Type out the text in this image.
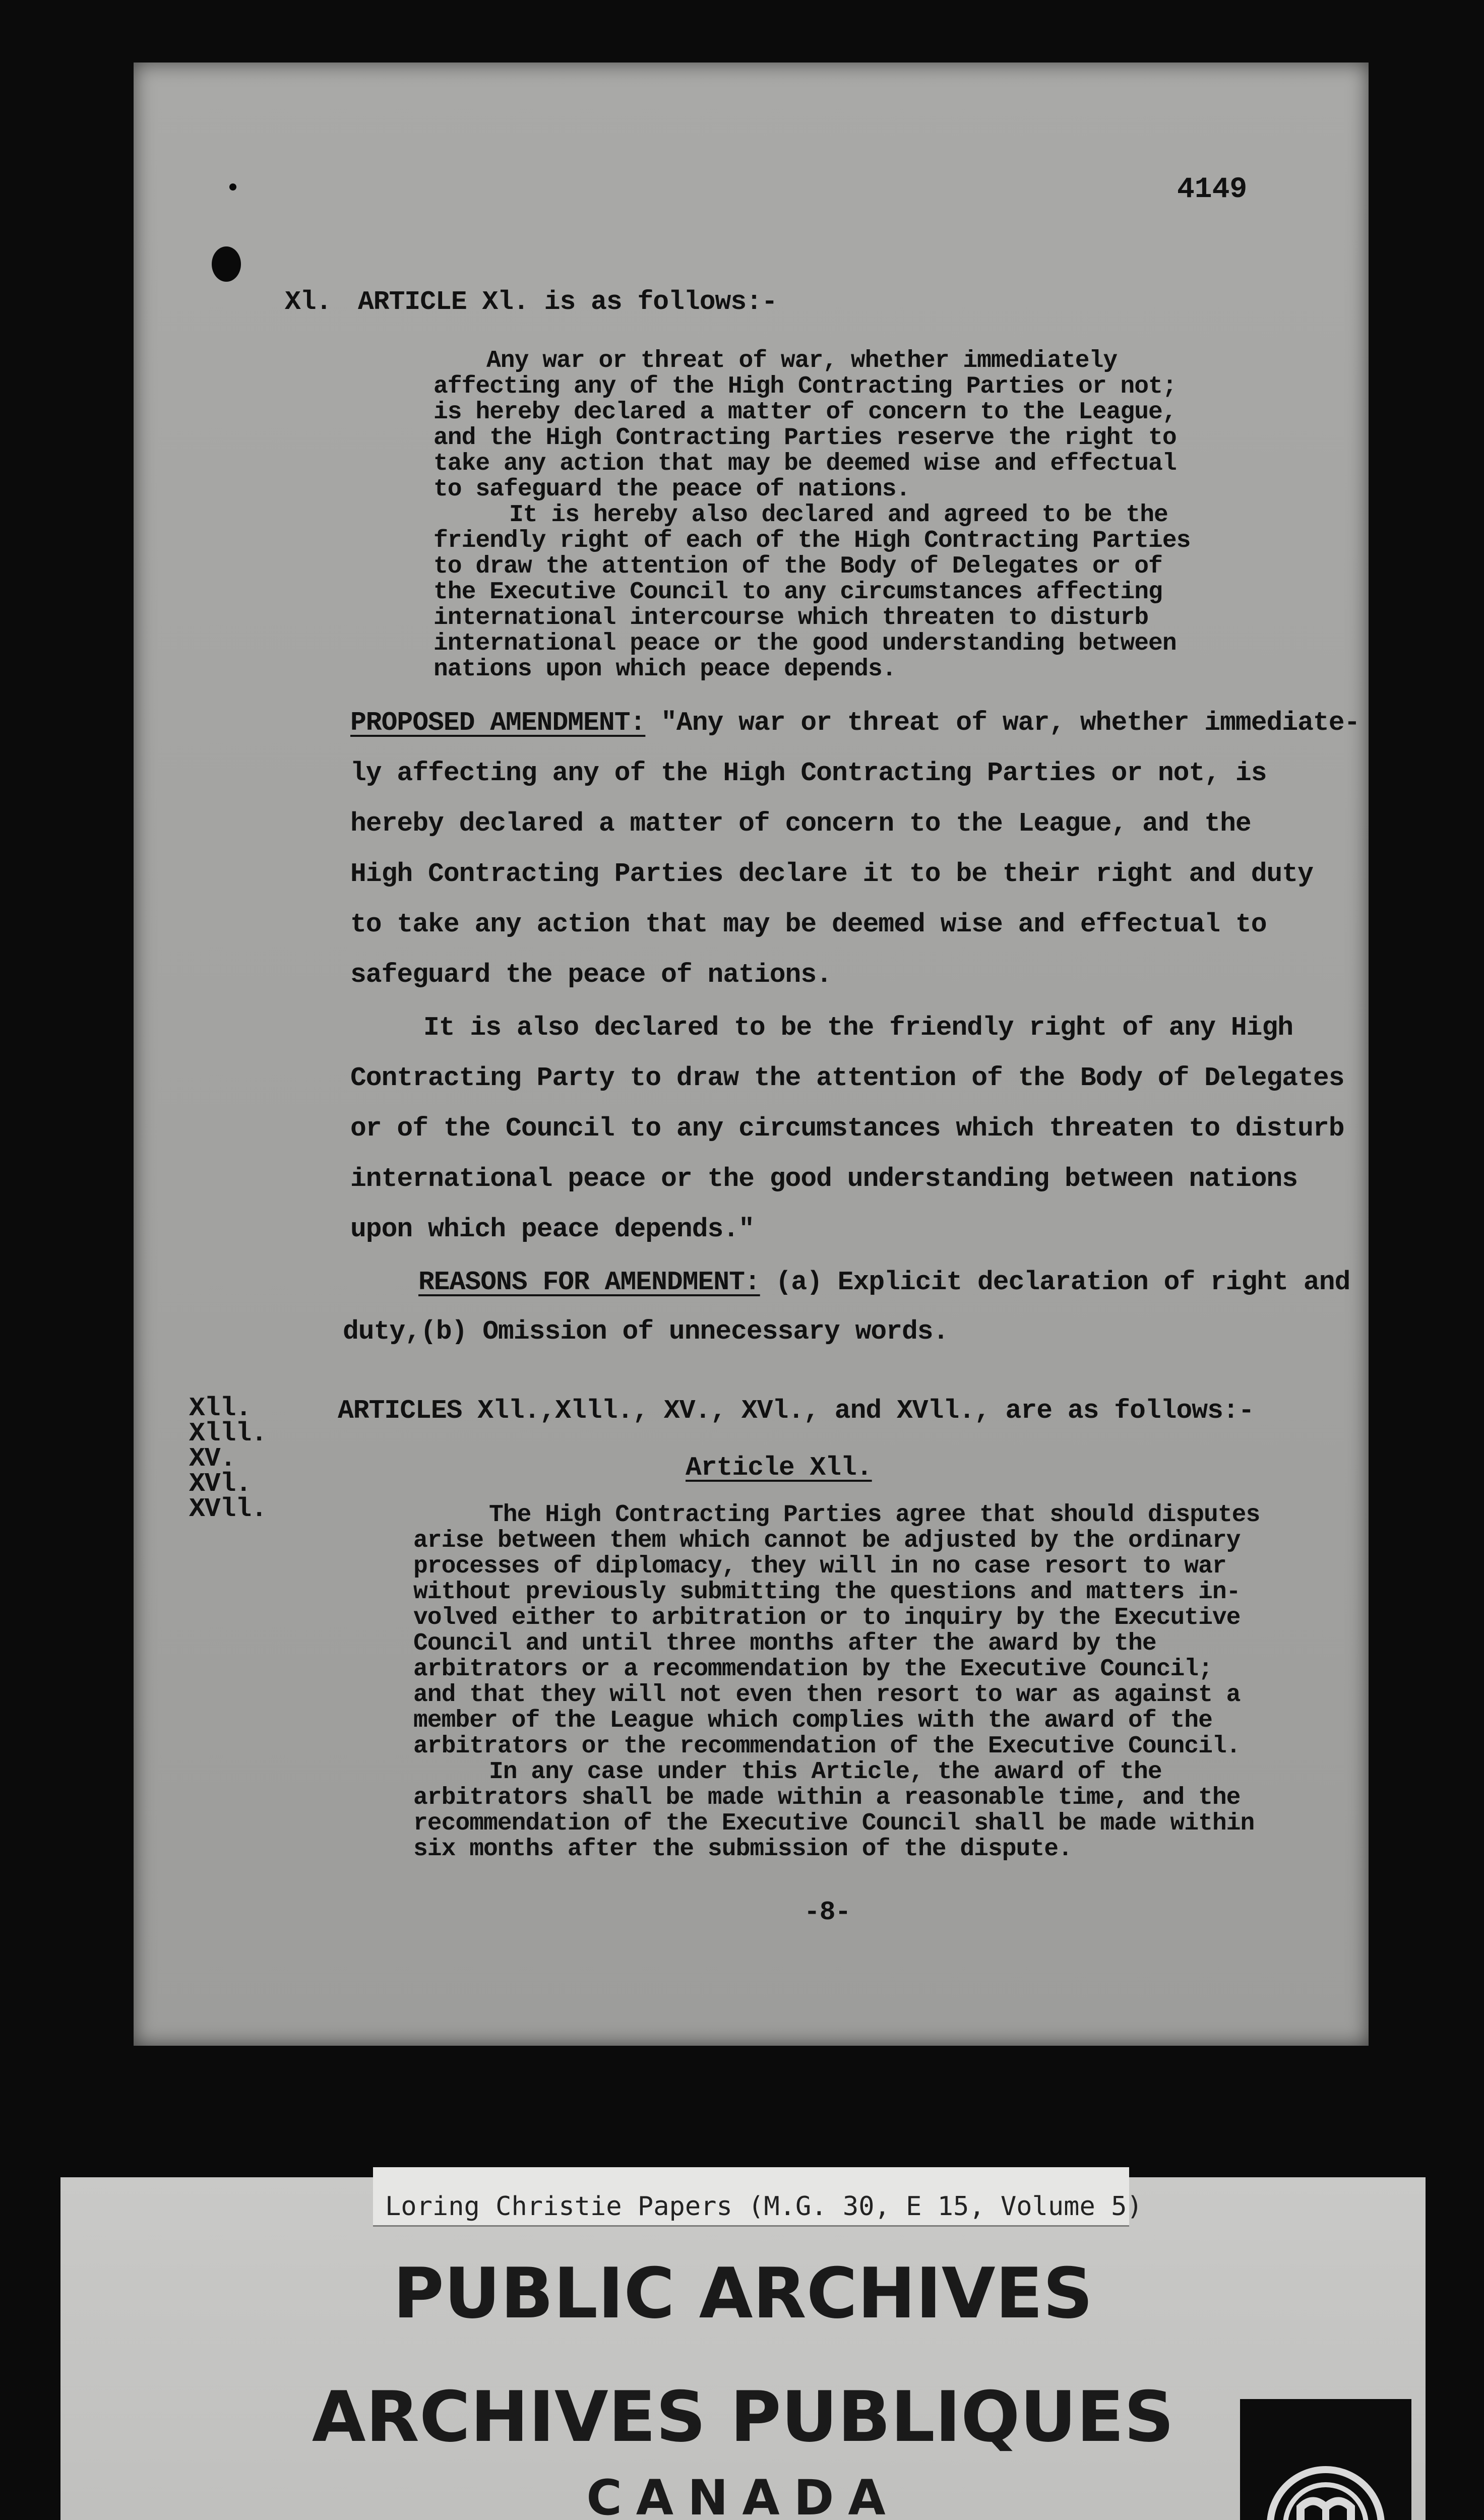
4149
Xl. ARTICLE Xl. is as follows:-
Any war or threat of war, whether immediately
affecting any of the High Contracting Parties or not;
is hereby declared a matter of concern to the League,
and the High Contracting Parties reserve the right to
take any action that may be deemed wise and effectual
to safeguard the peace of nations.
It is hereby also declared and agreed to be the
friendly right of each of the High Contracting Parties
to draw the attention of the Body of Delegates or of
the Executive Council to any circumstances affecting
international intercourse which threaten to disturb
international peace or the good understanding between
nations upon which peace depends.
PROPOSED AMENDMENT: "Any war or threat of war, whether immediate-
ly affecting any of the High Contracting Parties or not, is
hereby declared a matter of concern to the League, and the
High Contracting Parties declare it to be their right and duty
to take any action that may be deemed wise and effectual to
safeguard the peace of nations.
It is also declared to be the friendly right of any High
Contracting Party to draw the attention of the Body of Delegates
or of the Council to any circumstances which threaten to disturb
international peace or the good understanding between nations
upon which peace depends."
REASONS FOR AMENDMENT: (a) Explicit declaration of right and
duty,(b) Omission of unnecessary words.
Xll.
Xlll.
XV.
XVl.
XVll.
ARTICLES Xll.,Xlll., XV., XVl., and XVll., are as follows:-
Article Xll.
The High Contracting Parties agree that should disputes
arise between them which cannot be adjusted by the ordinary
processes of diplomacy, they will in no case resort to war
without previously submitting the questions and matters in-
volved either to arbitration or to inquiry by the Executive
Council and until three months after the award by the
arbitrators or a recommendation by the Executive Council;
and that they will not even then resort to war as against a
member of the League which complies with the award of the
arbitrators or the recommendation of the Executive Council.
In any case under this Article, the award of the
arbitrators shall be made within a reasonable time, and the
recommendation of the Executive Council shall be made within
six months after the submission of the dispute.
-8-
PUBLIC ARCHIVES
ARCHIVES PUBLIQUES
CANADA
Loring Christie Papers (M.G. 30, E 15, Volume 5)
